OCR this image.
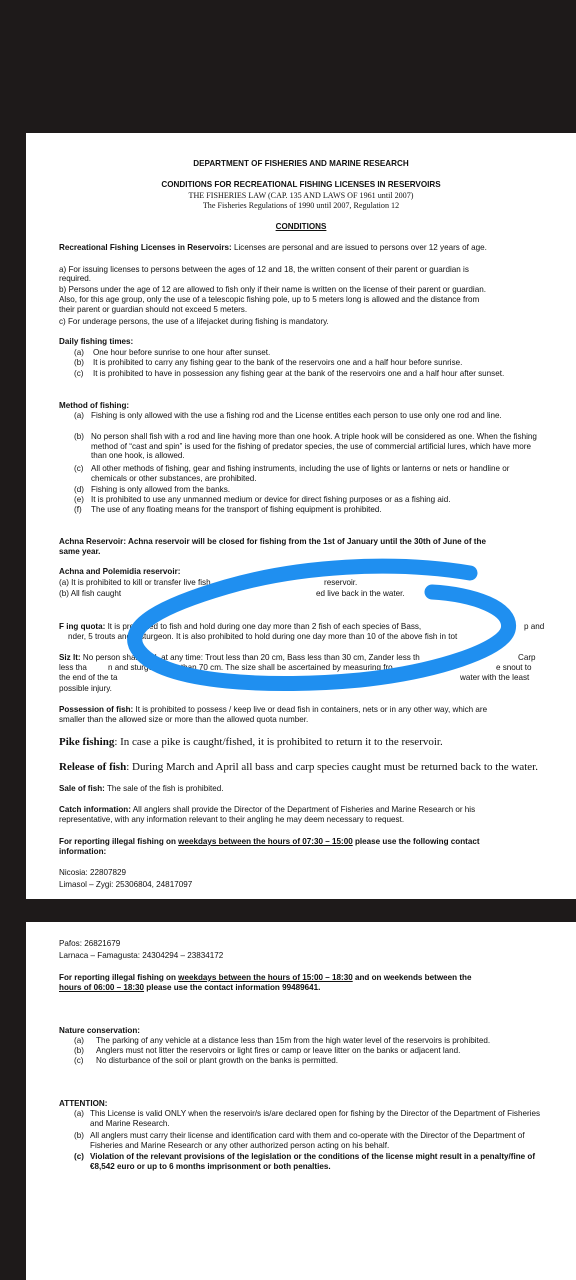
DEPARTMENT OF FISHERIES AND MARINE RESEARCH
CONDITIONS FOR RECREATIONAL FISHING LICENSES IN RESERVOIRS
THE FISHERIES LAW (CAP. 135 AND LAWS OF 1961 until 2007)
The Fisheries Regulations of 1990 until 2007, Regulation 12
CONDITIONS
Recreational Fishing Licenses in Reservoirs: Licenses are personal and are issued to persons over 12 years of age.
a) For issuing licenses to persons between the ages of 12 and 18, the written consent of their parent or guardian is
required.
b) Persons under the age of 12 are allowed to fish only if their name is written on the license of their parent or guardian.
Also, for this age group, only the use of a telescopic fishing pole, up to 5 meters long is allowed and the distance from
their parent or guardian should not exceed 5 meters.
c) For underage persons, the use of a lifejacket during fishing is mandatory.
Daily fishing times:
(a) One hour before sunrise to one hour after sunset.
(b) It is prohibited to carry any fishing gear to the bank of the reservoirs one and a half hour before sunrise.
(c) It is prohibited to have in possession any fishing gear at the bank of the reservoirs one and a half hour after sunset.
Method of fishing:
(a) Fishing is only allowed with the use a fishing rod and the License entitles each person to use only one rod and line.
(b) No person shall fish with a rod and line having more than one hook. A triple hook will be considered as one. When the fishing method of “cast and spin” is used for the fishing of predator species, the use of commercial artificial lures, which have more than one hook, is allowed.
(c) All other methods of fishing, gear and fishing instruments, including the use of lights or lanterns or nets or handline or chemicals or other substances, are prohibited.
(d) Fishing is only allowed from the banks.
(e) It is prohibited to use any unmanned medium or device for direct fishing purposes or as a fishing aid.
(f) The use of any floating means for the transport of fishing equipment is prohibited.
Achna Reservoir: Achna reservoir will be closed for fishing from the 1st of January until the 30th of June of the
same year.
Achna and Polemidia reservoir:
(a) It is prohibited to kill or transfer live fish	reservoir.
(b) All fish caught	ed live back in the water.
F ing quota: It is prohibited to fish and hold during one day more than 2 fish of each species of Bass,	p and
nder, 5 trouts and 1 sturgeon. It is also prohibited to hold during one day more than 10 of the above fish in tot
Siz lt: No person shall hold, at any time: Trout less than 20 cm, Bass less than 30 cm, Zander less th	Carp
less tha	n and sturgeon less than 70 cm. The size shall be ascertained by measuring fro	e snout to
the end of the ta	water with the least
possible injury.
Possession of fish: It is prohibited to possess / keep live or dead fish in containers, nets or in any other way, which are
smaller than the allowed size or more than the allowed quota number.
Pike fishing: In case a pike is caught/fished, it is prohibited to return it to the reservoir.
Release of fish: During March and April all bass and carp species caught must be returned back to the water.
Sale of fish: The sale of the fish is prohibited.
Catch information: All anglers shall provide the Director of the Department of Fisheries and Marine Research or his
representative, with any information relevant to their angling he may deem necessary to request.
For reporting illegal fishing on weekdays between the hours of 07:30 – 15:00 please use the following contact
information:
Nicosia: 22807829
Limasol – Zygi: 25306804, 24817097
Pafos: 26821679
Larnaca – Famagusta: 24304294 – 23834172
For reporting illegal fishing on weekdays between the hours of 15:00 – 18:30 and on weekends between the
hours of 06:00 – 18:30 please use the contact information 99489641.
Nature conservation:
(a) The parking of any vehicle at a distance less than 15m from the high water level of the reservoirs is prohibited.
(b) Anglers must not litter the reservoirs or light fires or camp or leave litter on the banks or adjacent land.
(c) No disturbance of the soil or plant growth on the banks is permitted.
ATTENTION:
(a) This License is valid ONLY when the reservoir/s is/are declared open for fishing by the Director of the Department of Fisheries and Marine Research.
(b) All anglers must carry their license and identification card with them and co-operate with the Director of the Department of Fisheries and Marine Research or any other authorized person acting on his behalf.
(c) Violation of the relevant provisions of the legislation or the conditions of the license might result in a penalty/fine of €8,542 euro or up to 6 months imprisonment or both penalties.
